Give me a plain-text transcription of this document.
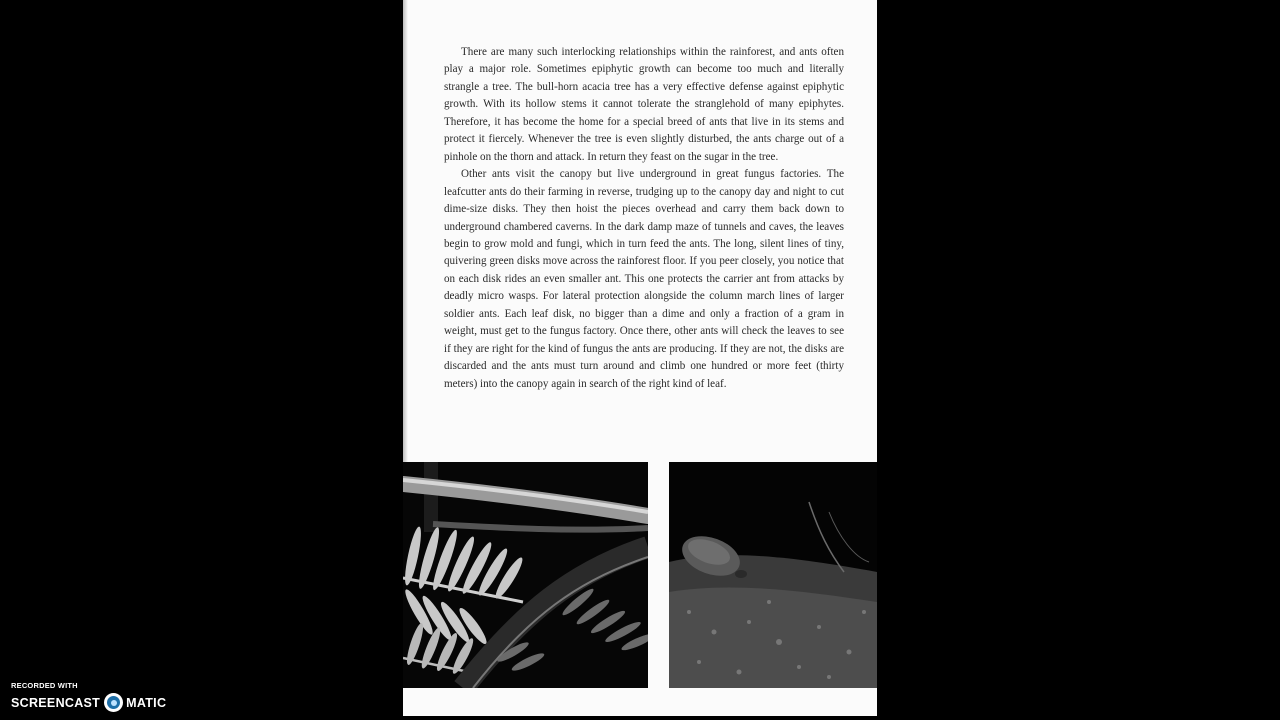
There are many such interlocking relationships within the rainforest, and ants often play a major role. Sometimes epiphytic growth can become too much and literally strangle a tree. The bull-horn acacia tree has a very effective defense against epiphytic growth. With its hollow stems it cannot tolerate the stranglehold of many epiphytes. Therefore, it has become the home for a special breed of ants that live in its stems and protect it fiercely. Whenever the tree is even slightly disturbed, the ants charge out of a pinhole on the thorn and attack. In return they feast on the sugar in the tree.

Other ants visit the canopy but live underground in great fungus factories. The leafcutter ants do their farming in reverse, trudging up to the canopy day and night to cut dime-size disks. They then hoist the pieces overhead and carry them back down to underground chambered caverns. In the dark damp maze of tunnels and caves, the leaves begin to grow mold and fungi, which in turn feed the ants. The long, silent lines of tiny, quivering green disks move across the rainforest floor. If you peer closely, you notice that on each disk rides an even smaller ant. This one protects the carrier ant from attacks by deadly micro wasps. For lateral protection alongside the column march lines of larger soldier ants. Each leaf disk, no bigger than a dime and only a fraction of a gram in weight, must get to the fungus factory. Once there, other ants will check the leaves to see if they are right for the kind of fungus the ants are producing. If they are not, the disks are discarded and the ants must turn around and climb one hundred or more feet (thirty meters) into the canopy again in search of the right kind of leaf.

RECORDED WITH
SCREENCAST MATIC
